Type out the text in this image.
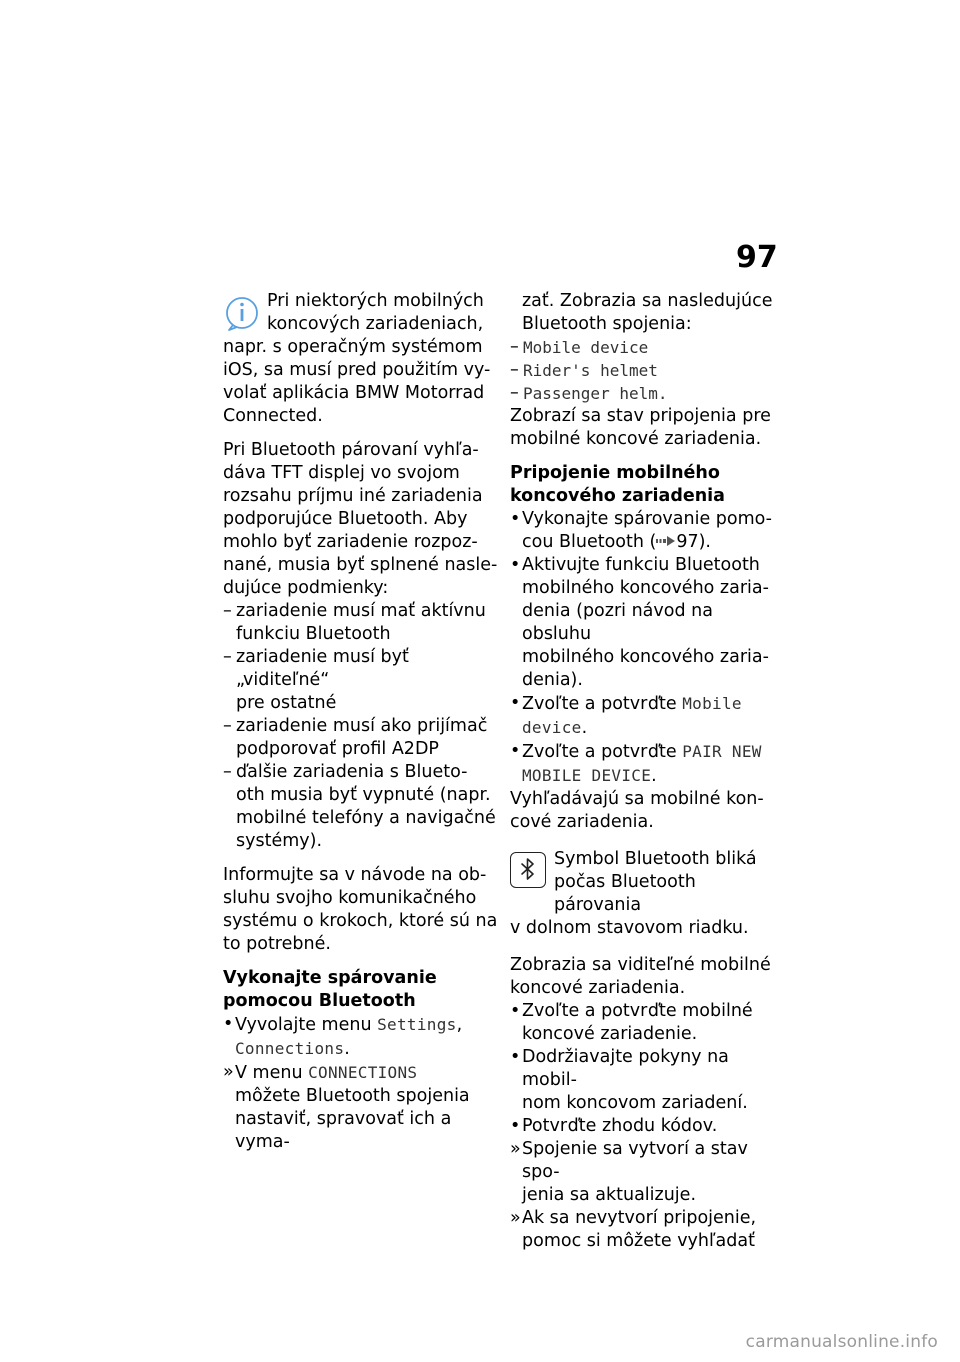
97

Pri niektorých mobilných

koncových zariadeniach,

napr. s operačným systémom

iOS, sa musí pred použitím vy-

volať aplikácia BMW Motorrad

Connected.

Pri Bluetooth párovaní vyhľa-

dáva TFT displej vo svojom

rozsahu príjmu iné zariadenia

podporujúce Bluetooth. Aby

mohlo byť zariadenie rozpoz-

nané, musia byť splnené nasle-

dujúce podmienky:

– zariadenie musí mať aktívnu

funkciu Bluetooth

– zariadenie musí byť „viditeľné“

pre ostatné

– zariadenie musí ako prijímač

podporovať profil A2DP

– ďalšie zariadenia s Blueto-

oth musia byť vypnuté (napr.

mobilné telefóny a navigačné

systémy).

Informujte sa v návode na ob-

sluhu svojho komunikačného

systému o krokoch, ktoré sú na

to potrebné.

Vykonajte spárovanie

pomocou Bluetooth

• Vyvolajte menu Settings,

Connections.

» V menu CONNECTIONS

môžete Bluetooth spojenia

nastaviť, spravovať ich a vyma-

zať. Zobrazia sa nasledujúce

Bluetooth spojenia:

– Mobile device

– Rider's helmet

– Passenger helm.

Zobrazí sa stav pripojenia pre

mobilné koncové zariadenia.

Pripojenie mobilného

koncového zariadenia

• Vykonajte spárovanie pomo-

cou Bluetooth ( 97).

• Aktivujte funkciu Bluetooth

mobilného koncového zaria-

denia (pozri návod na obsluhu

mobilného koncového zaria-

denia).

• Zvoľte a potvrďte Mobile

device.

• Zvoľte a potvrďte PAIR NEW

MOBILE DEVICE.

Vyhľadávajú sa mobilné kon-

cové zariadenia.

Symbol Bluetooth bliká

počas Bluetooth párovania

v dolnom stavovom riadku.

Zobrazia sa viditeľné mobilné

koncové zariadenia.

• Zvoľte a potvrďte mobilné

koncové zariadenie.

• Dodržiavajte pokyny na mobil-

nom koncovom zariadení.

• Potvrďte zhodu kódov.

» Spojenie sa vytvorí a stav spo-

jenia sa aktualizuje.

» Ak sa nevytvorí pripojenie,

pomoc si môžete vyhľadať

carmanualsonline.info
